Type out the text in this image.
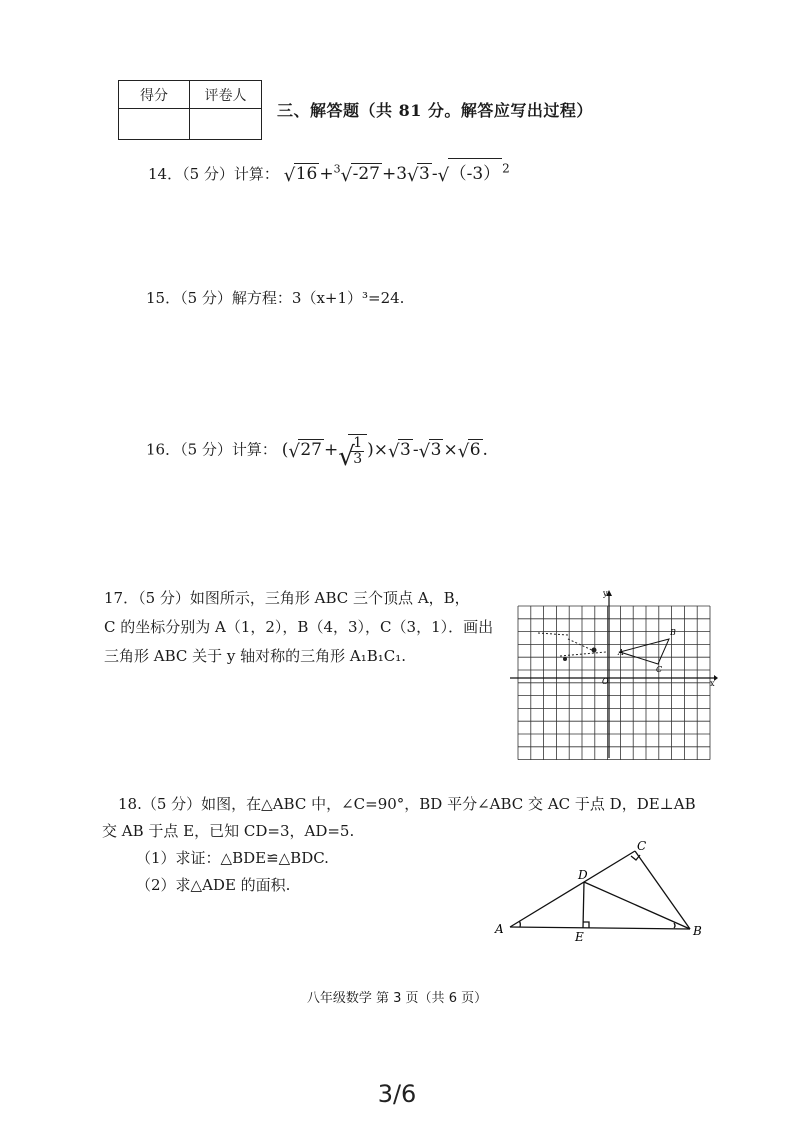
得分	评卷人
三、解答题（共 81 分。解答应写出过程）
14．（5 分）计算： √ 16 +$^3$ √ -27 +3 √ 3 - √ （-3） $^2$
15．（5 分）解方程：3（x+1）³=24.
16．（5 分）计算： ( √ 27 + √
$\frac{1}{3}$ )× √ 3 - √ 3 × √ 6 .
17．（5 分）如图所示，三角形 ABC 三个顶点 A，B，
C 的坐标分别为 A（1，2），B（4，3），C（3，1）．画出
三角形 ABC 关于 y 轴对称的三角形 A₁B₁C₁.
y
x
O
A
B
C
18.（5 分）如图，在△ABC 中，∠C=90°，BD 平分∠ABC 交 AC 于点 D，DE⊥AB
交 AB 于点 E，已知 CD=3，AD=5.
（1）求证：△BDE≌△BDC.
（2）求△ADE 的面积.
A	B
C
D
E
八年级数学 第 3 页（共 6 页）
3/6
